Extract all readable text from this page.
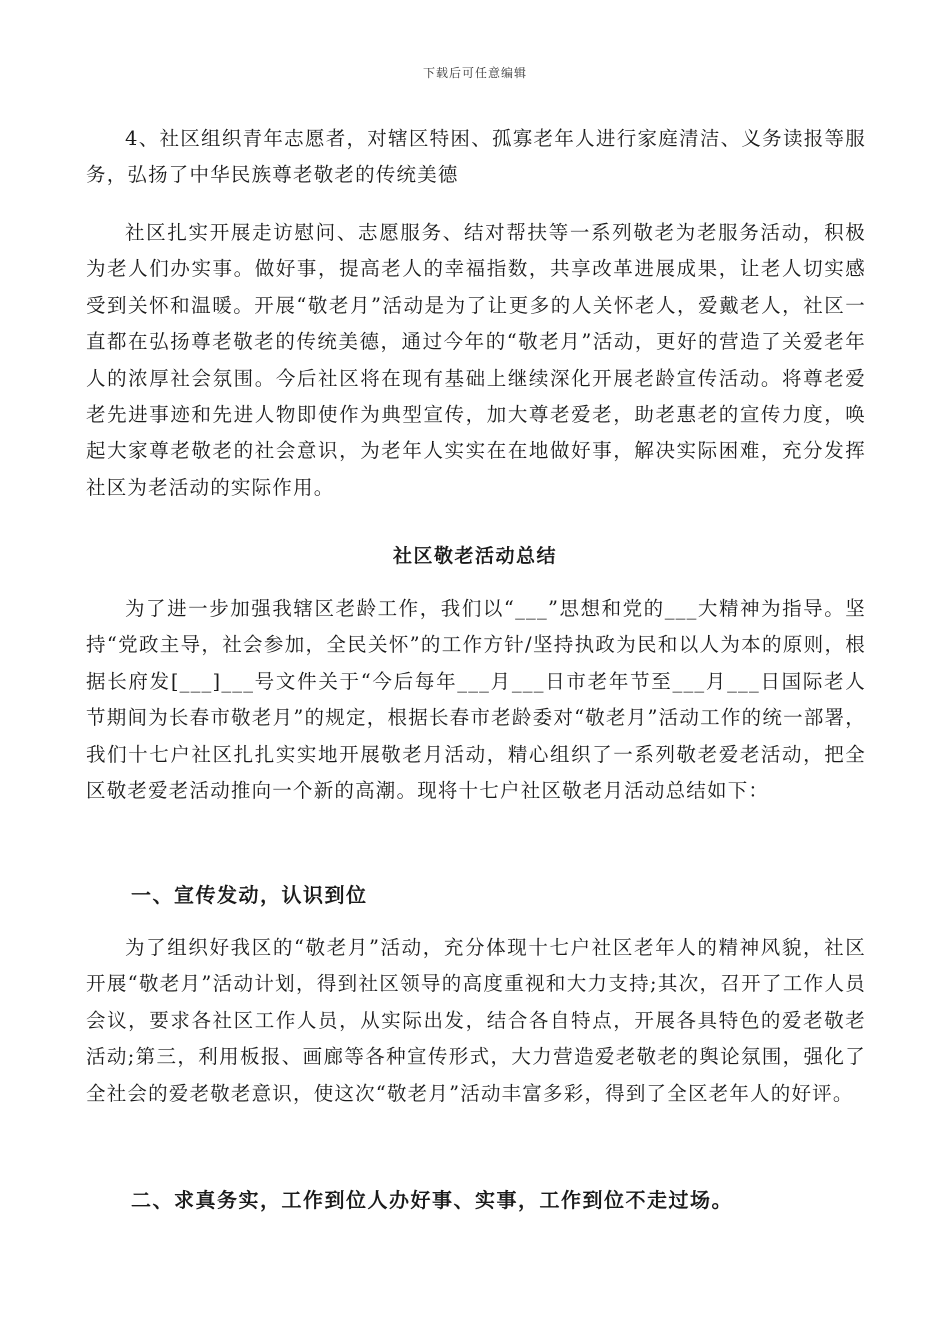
下载后可任意编辑

4、社区组织青年志愿者，对辖区特困、孤寡老年人进行家庭清洁、义务读报等服务，弘扬了中华民族尊老敬老的传统美德

社区扎实开展走访慰问、志愿服务、结对帮扶等一系列敬老为老服务活动，积极为老人们办实事。做好事，提高老人的幸福指数，共享改革进展成果，让老人切实感受到关怀和温暖。开展“敬老月”活动是为了让更多的人关怀老人，爱戴老人，社区一直都在弘扬尊老敬老的传统美德，通过今年的“敬老月”活动，更好的营造了关爱老年人的浓厚社会氛围。今后社区将在现有基础上继续深化开展老龄宣传活动。将尊老爱老先进事迹和先进人物即使作为典型宣传，加大尊老爱老，助老惠老的宣传力度，唤起大家尊老敬老的社会意识，为老年人实实在在地做好事，解决实际困难，充分发挥社区为老活动的实际作用。

社区敬老活动总结

为了进一步加强我辖区老龄工作，我们以“___”思想和党的___大精神为指导。坚持“党政主导，社会参加，全民关怀”的工作方针/坚持执政为民和以人为本的原则，根据长府发[___]___号文件关于“今后每年___月___日市老年节至___月___日国际老人节期间为长春市敬老月”的规定，根据长春市老龄委对“敬老月”活动工作的统一部署，我们十七户社区扎扎实实地开展敬老月活动，精心组织了一系列敬老爱老活动，把全区敬老爱老活动推向一个新的高潮。现将十七户社区敬老月活动总结如下：

一、宣传发动，认识到位

为了组织好我区的“敬老月”活动，充分体现十七户社区老年人的精神风貌，社区开展“敬老月”活动计划，得到社区领导的高度重视和大力支持;其次，召开了工作人员会议，要求各社区工作人员，从实际出发，结合各自特点，开展各具特色的爱老敬老活动;第三，利用板报、画廊等各种宣传形式，大力营造爱老敬老的舆论氛围，强化了全社会的爱老敬老意识，使这次“敬老月”活动丰富多彩，得到了全区老年人的好评。

二、求真务实，工作到位人办好事、实事，工作到位不走过场。
